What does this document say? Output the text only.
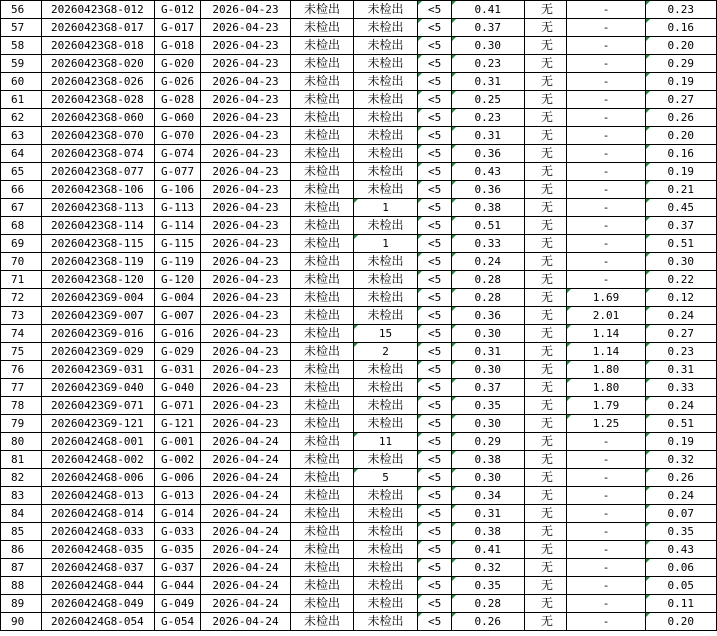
56	20260423G8-012	G-012	2026-04-23	未检出	未检出	<5	0.41	无	-	0.23
57	20260423G8-017	G-017	2026-04-23	未检出	未检出	<5	0.37	无	-	0.16
58	20260423G8-018	G-018	2026-04-23	未检出	未检出	<5	0.30	无	-	0.20
59	20260423G8-020	G-020	2026-04-23	未检出	未检出	<5	0.23	无	-	0.29
60	20260423G8-026	G-026	2026-04-23	未检出	未检出	<5	0.31	无	-	0.19
61	20260423G8-028	G-028	2026-04-23	未检出	未检出	<5	0.25	无	-	0.27
62	20260423G8-060	G-060	2026-04-23	未检出	未检出	<5	0.23	无	-	0.26
63	20260423G8-070	G-070	2026-04-23	未检出	未检出	<5	0.31	无	-	0.20
64	20260423G8-074	G-074	2026-04-23	未检出	未检出	<5	0.36	无	-	0.16
65	20260423G8-077	G-077	2026-04-23	未检出	未检出	<5	0.43	无	-	0.19
66	20260423G8-106	G-106	2026-04-23	未检出	未检出	<5	0.36	无	-	0.21
67	20260423G8-113	G-113	2026-04-23	未检出	1	<5	0.38	无	-	0.45
68	20260423G8-114	G-114	2026-04-23	未检出	未检出	<5	0.51	无	-	0.37
69	20260423G8-115	G-115	2026-04-23	未检出	1	<5	0.33	无	-	0.51
70	20260423G8-119	G-119	2026-04-23	未检出	未检出	<5	0.24	无	-	0.30
71	20260423G8-120	G-120	2026-04-23	未检出	未检出	<5	0.28	无	-	0.22
72	20260423G9-004	G-004	2026-04-23	未检出	未检出	<5	0.28	无	1.69	0.12
73	20260423G9-007	G-007	2026-04-23	未检出	未检出	<5	0.36	无	2.01	0.24
74	20260423G9-016	G-016	2026-04-23	未检出	15	<5	0.30	无	1.14	0.27
75	20260423G9-029	G-029	2026-04-23	未检出	2	<5	0.31	无	1.14	0.23
76	20260423G9-031	G-031	2026-04-23	未检出	未检出	<5	0.30	无	1.80	0.31
77	20260423G9-040	G-040	2026-04-23	未检出	未检出	<5	0.37	无	1.80	0.33
78	20260423G9-071	G-071	2026-04-23	未检出	未检出	<5	0.35	无	1.79	0.24
79	20260423G9-121	G-121	2026-04-23	未检出	未检出	<5	0.30	无	1.25	0.51
80	20260424G8-001	G-001	2026-04-24	未检出	11	<5	0.29	无	-	0.19
81	20260424G8-002	G-002	2026-04-24	未检出	未检出	<5	0.38	无	-	0.32
82	20260424G8-006	G-006	2026-04-24	未检出	5	<5	0.30	无	-	0.26
83	20260424G8-013	G-013	2026-04-24	未检出	未检出	<5	0.34	无	-	0.24
84	20260424G8-014	G-014	2026-04-24	未检出	未检出	<5	0.31	无	-	0.07
85	20260424G8-033	G-033	2026-04-24	未检出	未检出	<5	0.38	无	-	0.35
86	20260424G8-035	G-035	2026-04-24	未检出	未检出	<5	0.41	无	-	0.43
87	20260424G8-037	G-037	2026-04-24	未检出	未检出	<5	0.32	无	-	0.06
88	20260424G8-044	G-044	2026-04-24	未检出	未检出	<5	0.35	无	-	0.05
89	20260424G8-049	G-049	2026-04-24	未检出	未检出	<5	0.28	无	-	0.11
90	20260424G8-054	G-054	2026-04-24	未检出	未检出	<5	0.26	无	-	0.20
